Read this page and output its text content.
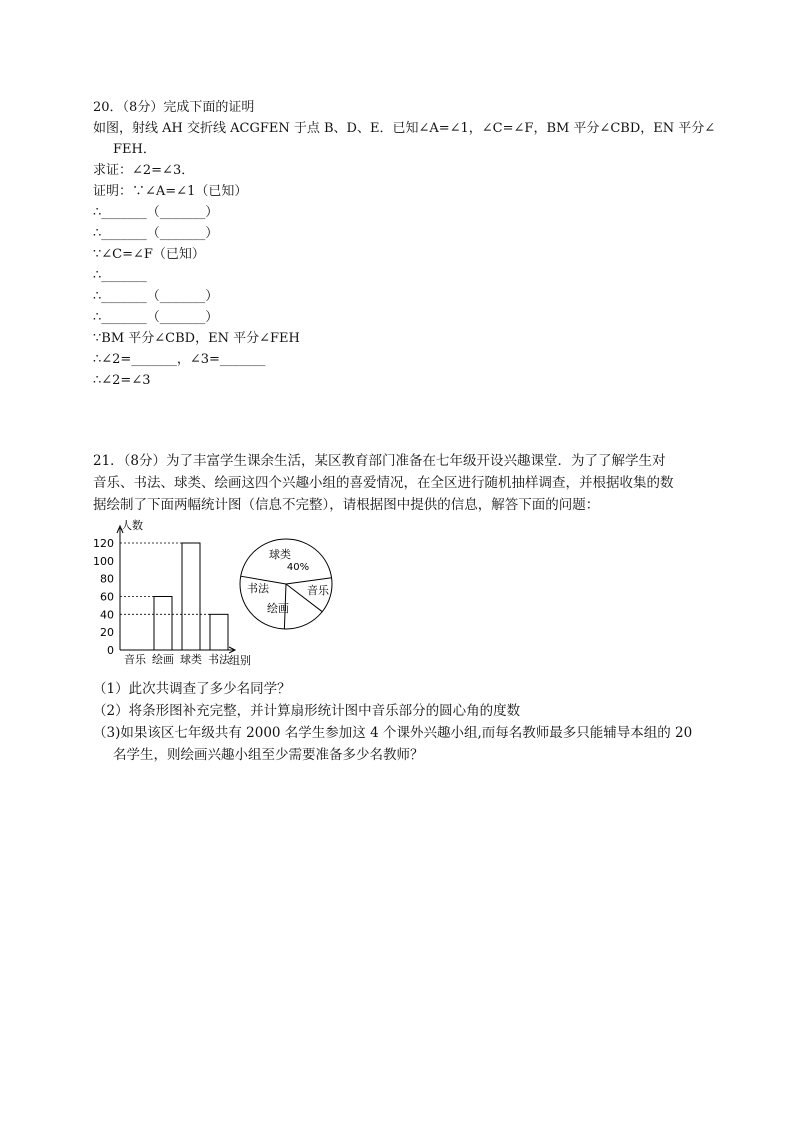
20．（8分）完成下面的证明
如图，射线 AH 交折线 ACGFEN 于点 B、D、E．已知∠A=∠1，∠C=∠F，BM 平分∠CBD，EN 平分∠
FEH．
求证：∠2=∠3．
证明：∵∠A=∠1（已知）
∴_______（_______）
∴_______（_______）
∵∠C=∠F（已知）
∴_______
∴_______（_______）
∴_______（_______）
∵BM 平分∠CBD，EN 平分∠FEH
∴∠2=_______，∠3=_______
∴∠2=∠3
21．（8分）为了丰富学生课余生活，某区教育部门准备在七年级开设兴趣课堂．为了了解学生对
音乐、书法、球类、绘画这四个兴趣小组的喜爱情况，在全区进行随机抽样调查，并根据收集的数
据绘制了下面两幅统计图（信息不完整），请根据图中提供的信息，解答下面的问题：
人数
0
20
40
60
80
100
120
音乐 绘画 球类 书法 组别
球类
音乐
绘画
书法
40%
（1）此次共调查了多少名同学？
（2）将条形图补充完整，并计算扇形统计图中音乐部分的圆心角的度数
（3)如果该区七年级共有 2000 名学生参加这 4 个课外兴趣小组,而每名教师最多只能辅导本组的 20
名学生，则绘画兴趣小组至少需要准备多少名教师？
